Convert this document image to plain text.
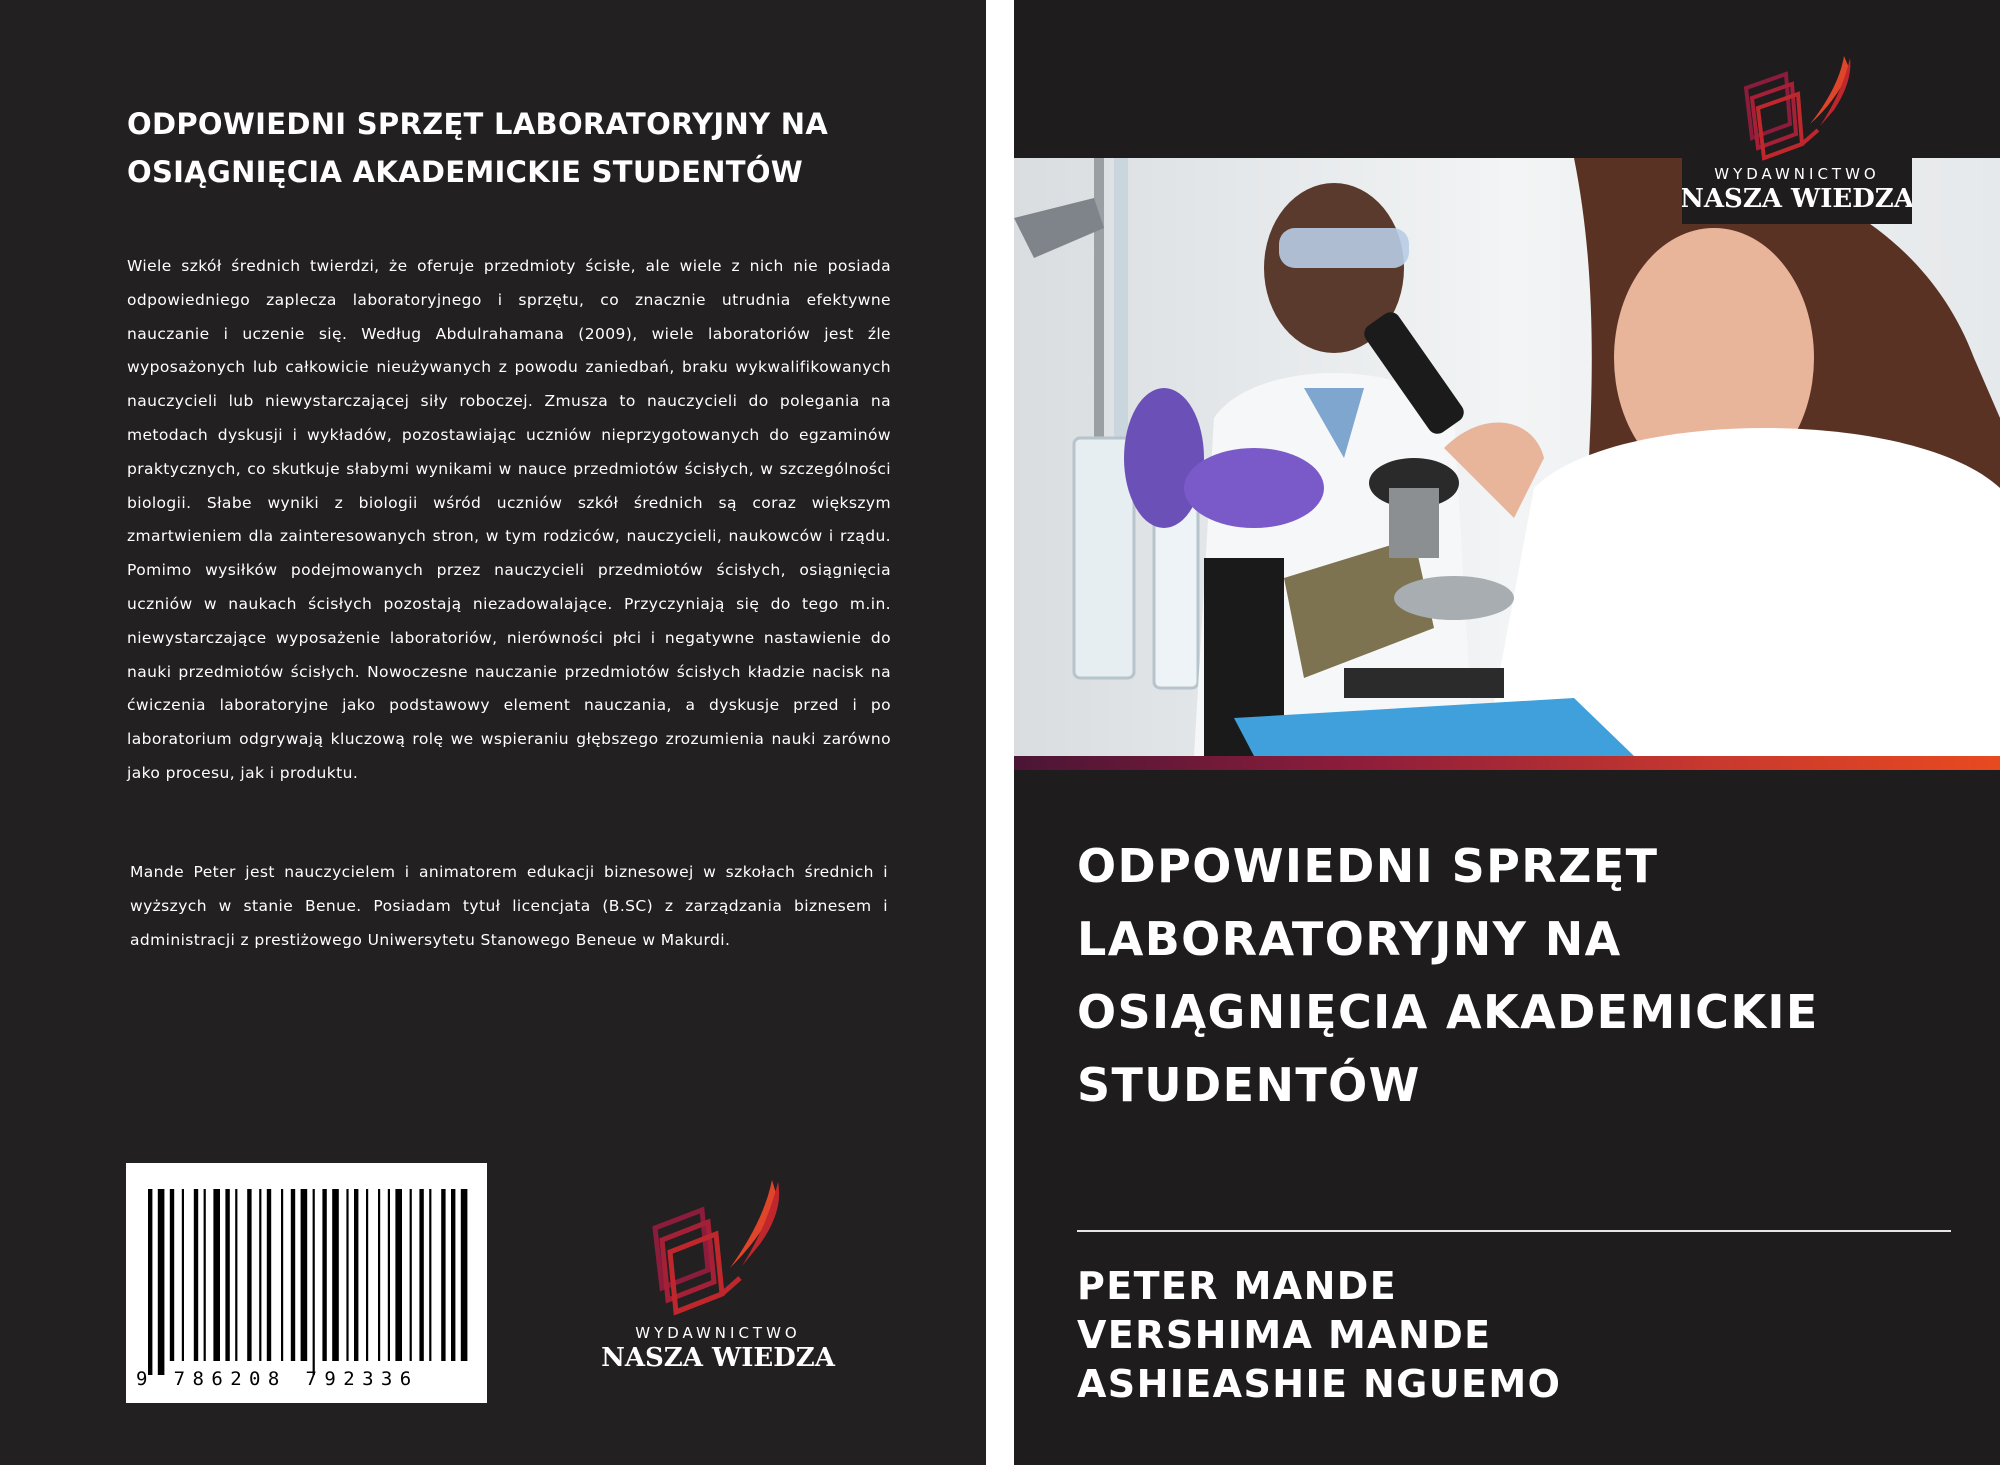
ODPOWIEDNI SPRZĘT LABORATORYJNY NA OSIĄGNIĘCIA AKADEMICKIE STUDENTÓW

Wiele szkół średnich twierdzi, że oferuje przedmioty ścisłe, ale wiele z nich nie posiada odpowiedniego zaplecza laboratoryjnego i sprzętu, co znacznie utrudnia efektywne nauczanie i uczenie się. Według Abdulrahamana (2009), wiele laboratoriów jest źle wyposażonych lub całkowicie nieużywanych z powodu zaniedbań, braku wykwalifikowanych nauczycieli lub niewystarczającej siły roboczej. Zmusza to nauczycieli do polegania na metodach dyskusji i wykładów, pozostawiając uczniów nieprzygotowanych do egzaminów praktycznych, co skutkuje słabymi wynikami w nauce przedmiotów ścisłych, w szczególności biologii. Słabe wyniki z biologii wśród uczniów szkół średnich są coraz większym zmartwieniem dla zainteresowanych stron, w tym rodziców, nauczycieli, naukowców i rządu. Pomimo wysiłków podejmowanych przez nauczycieli przedmiotów ścisłych, osiągnięcia uczniów w naukach ścisłych pozostają niezadowalające. Przyczyniają się do tego m.in. niewystarczające wyposażenie laboratoriów, nierówności płci i negatywne nastawienie do nauki przedmiotów ścisłych. Nowoczesne nauczanie przedmiotów ścisłych kładzie nacisk na ćwiczenia laboratoryjne jako podstawowy element nauczania, a dyskusje przed i po laboratorium odgrywają kluczową rolę we wspieraniu głębszego zrozumienia nauki zarówno jako procesu, jak i produktu.

Mande Peter jest nauczycielem i animatorem edukacji biznesowej w szkołach średnich i wyższych w stanie Benue. Posiadam tytuł licencjata (B.SC) z zarządzania biznesem i administracji z prestiżowego Uniwersytetu Stanowego Beneue w Makurdi.

9 786208 792336
WYDAWNICTWO
NASZA WIEDZA
WYDAWNICTWO
NASZA WIEDZA
ODPOWIEDNI SPRZĘT LABORATORYJNY NA OSIĄGNIĘCIA AKADEMICKIE STUDENTÓW
PETER MANDE
VERSHIMA MANDE
ASHIEASHIE NGUEMO
